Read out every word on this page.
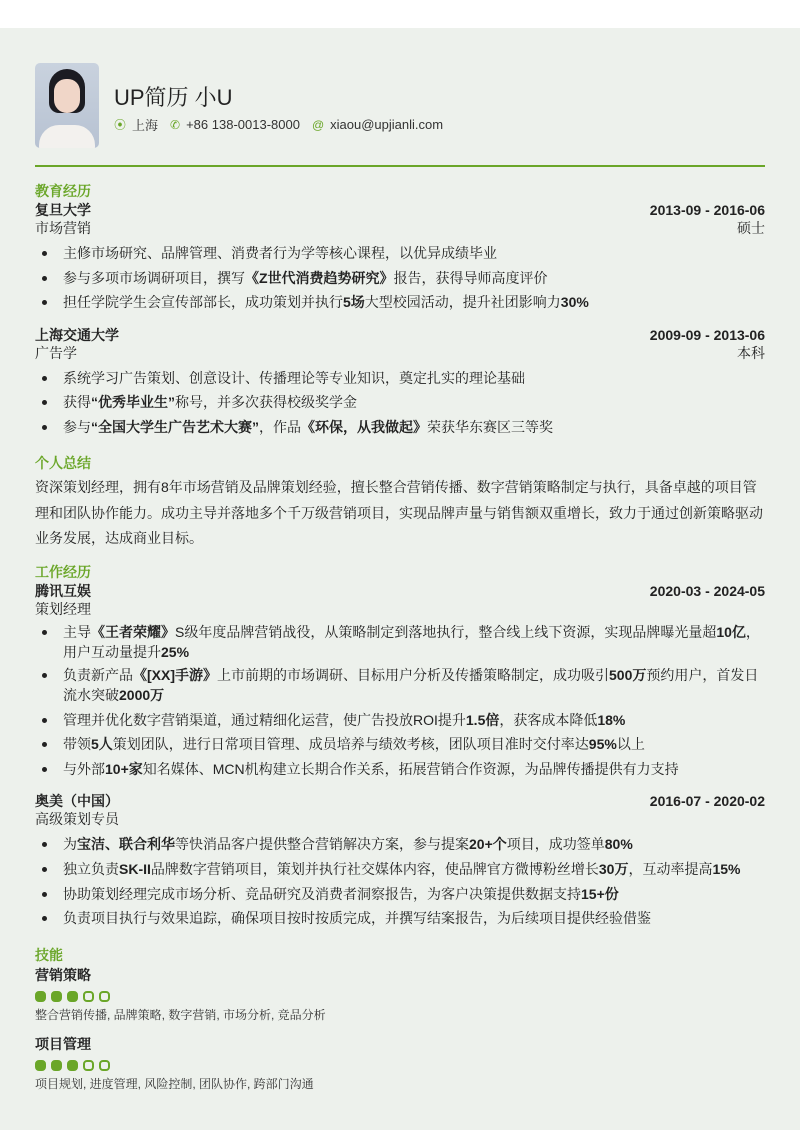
UP简历 小U
⦿ 上海 ✆ +86 138-0013-8000 @ xiaou@upjianli.com
教育经历
复旦大学	2013-09 - 2016-06
市场营销	硕士
主修市场研究、品牌管理、消费者行为学等核心课程，以优异成绩毕业
参与多项市场调研项目，撰写《Z世代消费趋势研究》报告，获得导师高度评价
担任学院学生会宣传部部长，成功策划并执行5场大型校园活动，提升社团影响力30%
上海交通大学	2009-09 - 2013-06
广告学	本科
系统学习广告策划、创意设计、传播理论等专业知识，奠定扎实的理论基础
获得“优秀毕业生”称号，并多次获得校级奖学金
参与“全国大学生广告艺术大赛”，作品《环保，从我做起》荣获华东赛区三等奖
个人总结
资深策划经理，拥有8年市场营销及品牌策划经验，擅长整合营销传播、数字营销策略制定与执行，具备卓越的项目管理和团队协作能力。成功主导并落地多个千万级营销项目，实现品牌声量与销售额双重增长，致力于通过创新策略驱动业务发展，达成商业目标。
工作经历
腾讯互娱	2020-03 - 2024-05
策划经理
主导《王者荣耀》S级年度品牌营销战役，从策略制定到落地执行，整合线上线下资源，实现品牌曝光量超10亿，用户互动量提升25%
负责新产品《[XX]手游》上市前期的市场调研、目标用户分析及传播策略制定，成功吸引500万预约用户，首发日流水突破2000万
管理并优化数字营销渠道，通过精细化运营，使广告投放ROI提升1.5倍，获客成本降低18%
带领5人策划团队，进行日常项目管理、成员培养与绩效考核，团队项目准时交付率达95%以上
与外部10+家知名媒体、MCN机构建立长期合作关系，拓展营销合作资源，为品牌传播提供有力支持
奥美（中国）	2016-07 - 2020-02
高级策划专员
为宝洁、联合利华等快消品客户提供整合营销解决方案，参与提案20+个项目，成功签单80%
独立负责SK-II品牌数字营销项目，策划并执行社交媒体内容，使品牌官方微博粉丝增长30万，互动率提高15%
协助策划经理完成市场分析、竞品研究及消费者洞察报告，为客户决策提供数据支持15+份
负责项目执行与效果追踪，确保项目按时按质完成，并撰写结案报告，为后续项目提供经验借鉴
技能
营销策略
整合营销传播, 品牌策略, 数字营销, 市场分析, 竞品分析
项目管理
项目规划, 进度管理, 风险控制, 团队协作, 跨部门沟通
